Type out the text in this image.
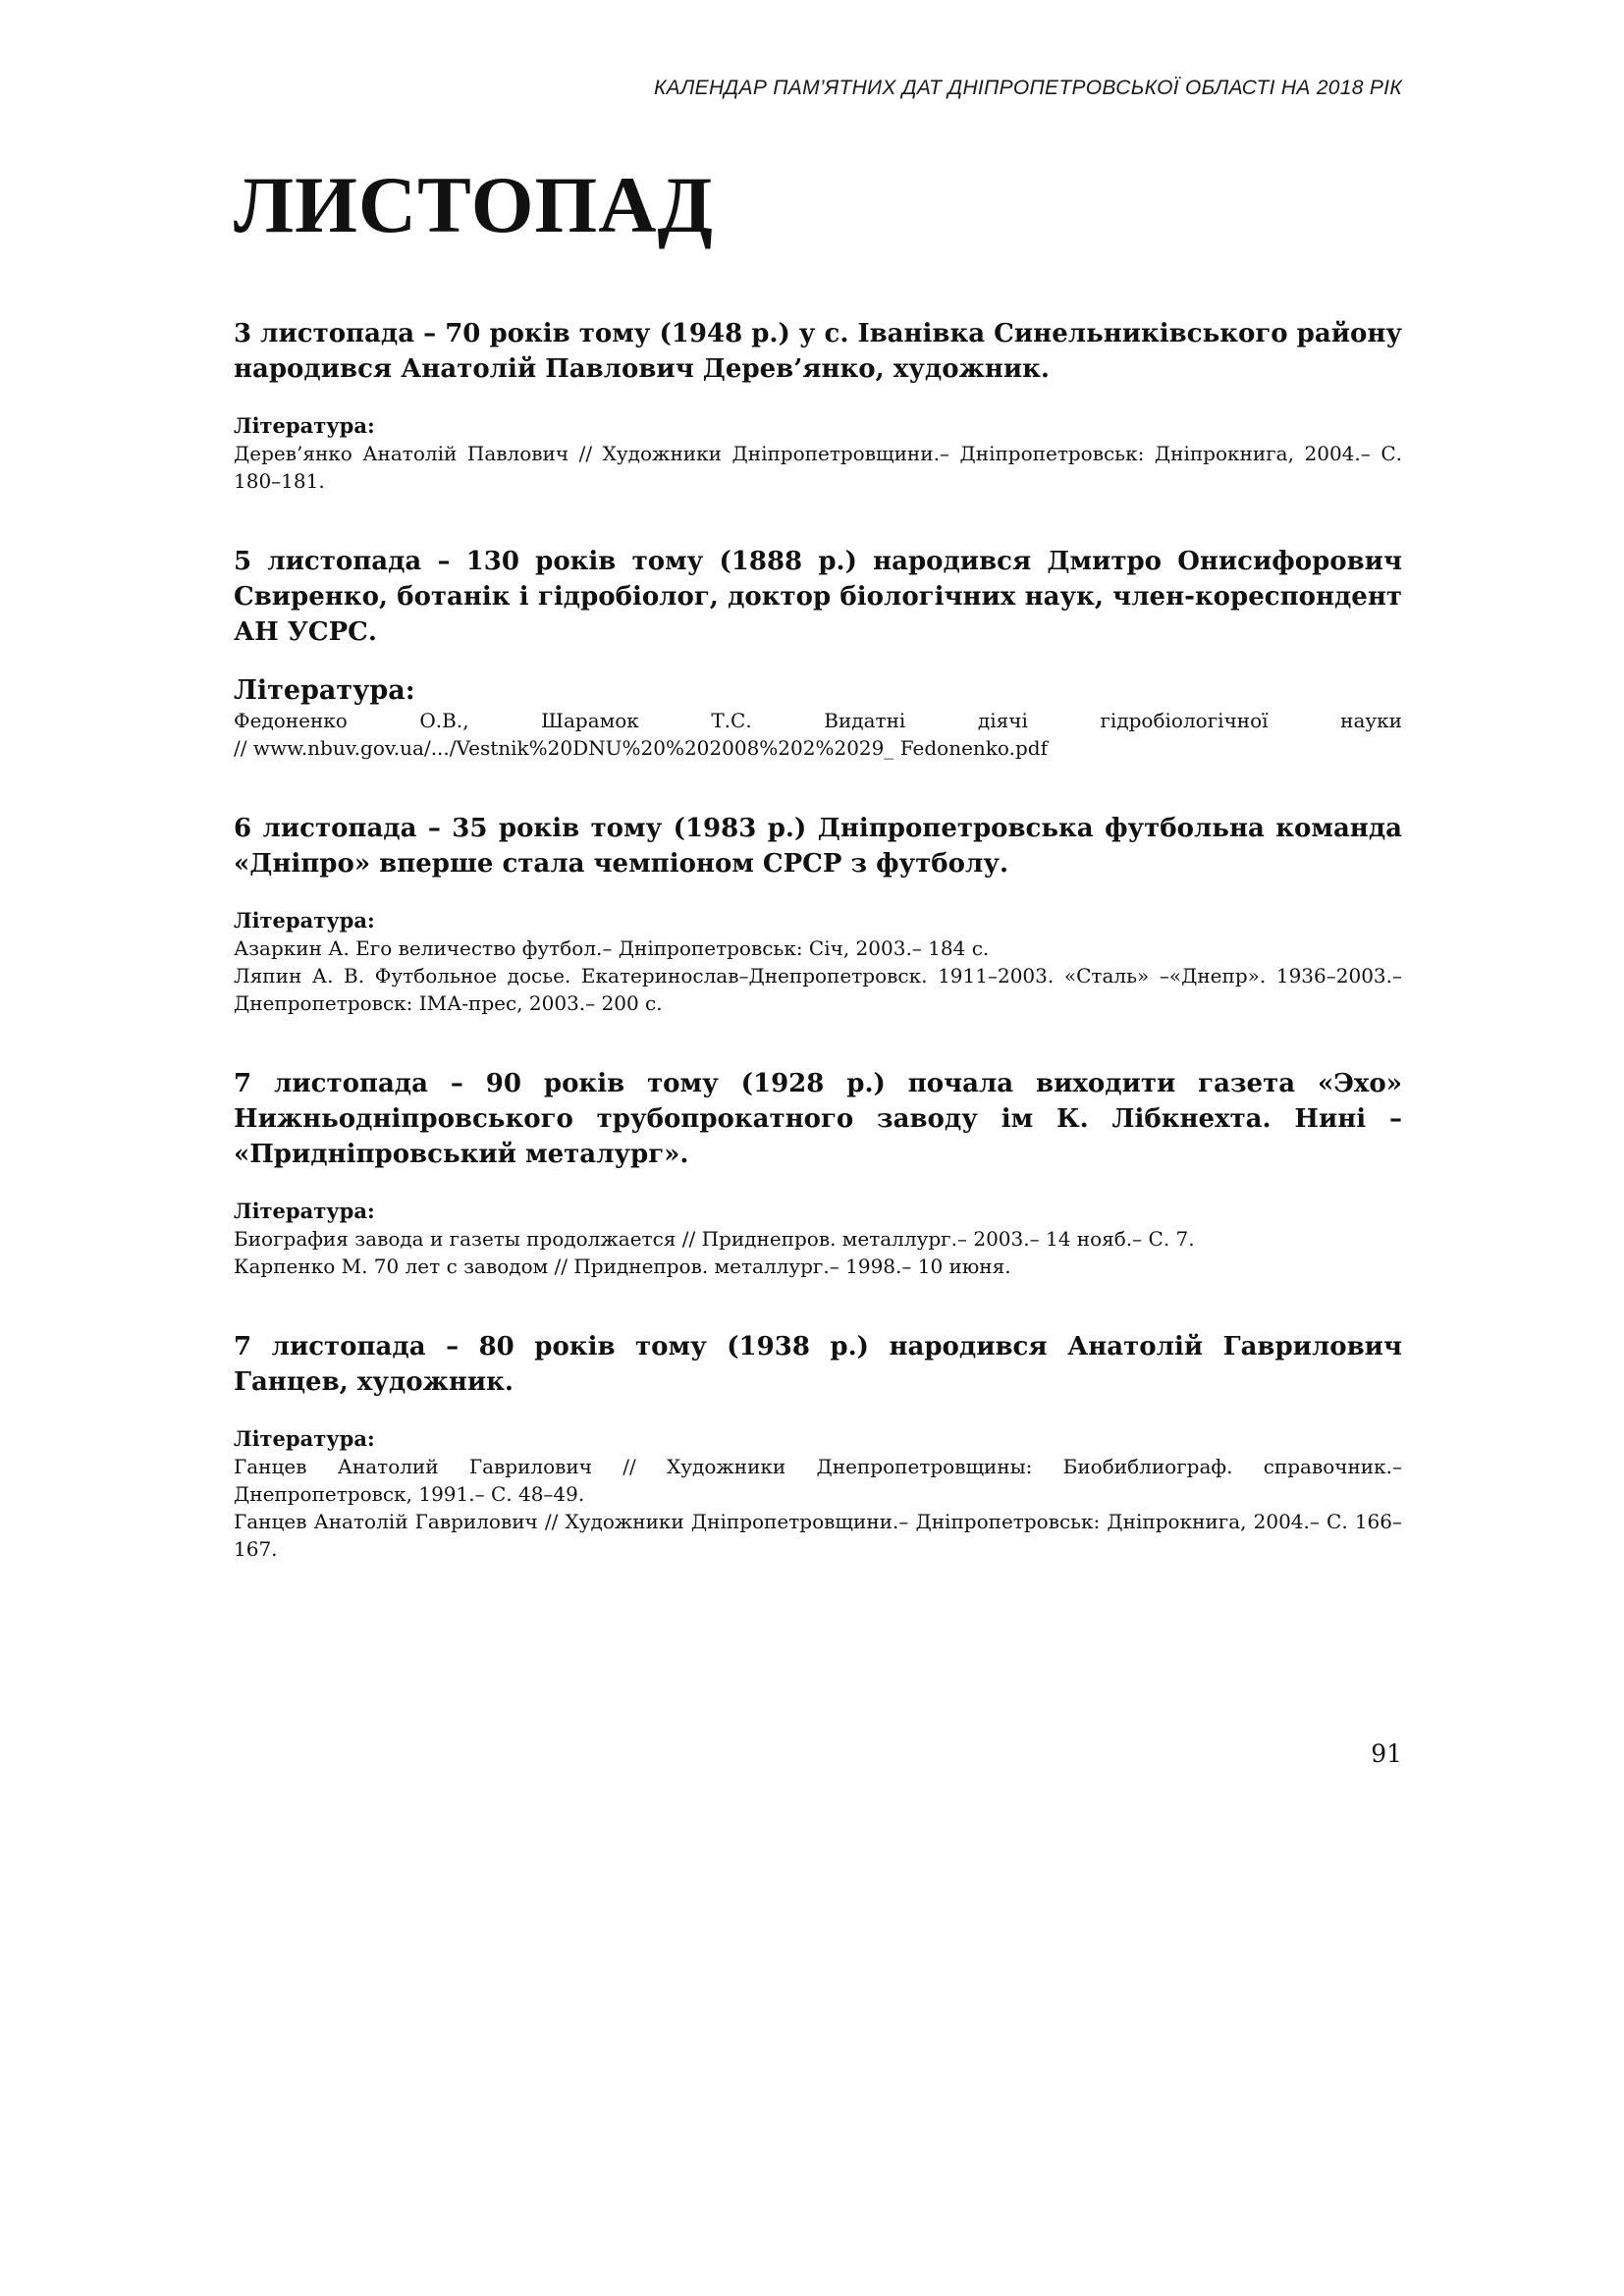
КАЛЕНДАР ПАМ’ЯТНИХ ДАТ ДНІПРОПЕТРОВСЬКОЇ ОБЛАСТІ НА 2018 РІК
ЛИСТОПАД

3 листопада – 70 років тому (1948 р.) у с. Іванівка Синельниківського району народився Анатолій Павлович Дерев’янко, художник.

Література:

Дерев’янко Анатолій Павлович // Художники Дніпропетровщини.– Дніпропетровськ: Дніпрокнига, 2004.– С. 180–181.

5 листопада – 130 років тому (1888 р.) народився Дмитро Онисифорович Свиренко, ботанік і гідробіолог, доктор біологічних наук, член-кореспондент АН УСРС.

Література:

Федоненко О.В., Шарамок Т.С. Видатні діячі гідробіологічної науки

// www.nbuv.gov.ua/.../Vestnik%20DNU%20%202008%202%2029_ Fedonenko.pdf

6 листопада – 35 років тому (1983 р.) Дніпропетровська футбольна команда «Дніпро» вперше стала чемпіоном СРСР з футболу.

Література:

Азаркин А. Его величество футбол.– Дніпропетровськ: Січ, 2003.– 184 с.

Ляпин А. В. Футбольное досье. Екатеринослав–Днепропетровск. 1911–2003. «Сталь» –«Днепр». 1936–2003.– Днепропетровск: ІМА-прес, 2003.– 200 с.

7 листопада – 90 років тому (1928 р.) почала виходити газета «Эхо» Нижньодніпровського трубопрокатного заводу ім К. Лібкнехта. Нині – «Придніпровський металург».

Література:

Биография завода и газеты продолжается // Приднепров. металлург.– 2003.– 14 нояб.– С. 7.

Карпенко М. 70 лет с заводом // Приднепров. металлург.– 1998.– 10 июня.

7 листопада – 80 років тому (1938 р.) народився Анатолій Гаврилович Ганцев, художник.

Література:

Ганцев Анатолий Гаврилович // Художники Днепропетровщины: Биобиблиограф. справочник.– Днепропетровск, 1991.– С. 48–49.

Ганцев Анатолій Гаврилович // Художники Дніпропетровщини.– Дніпропетровськ: Дніпрокнига, 2004.– С. 166–167.

91
